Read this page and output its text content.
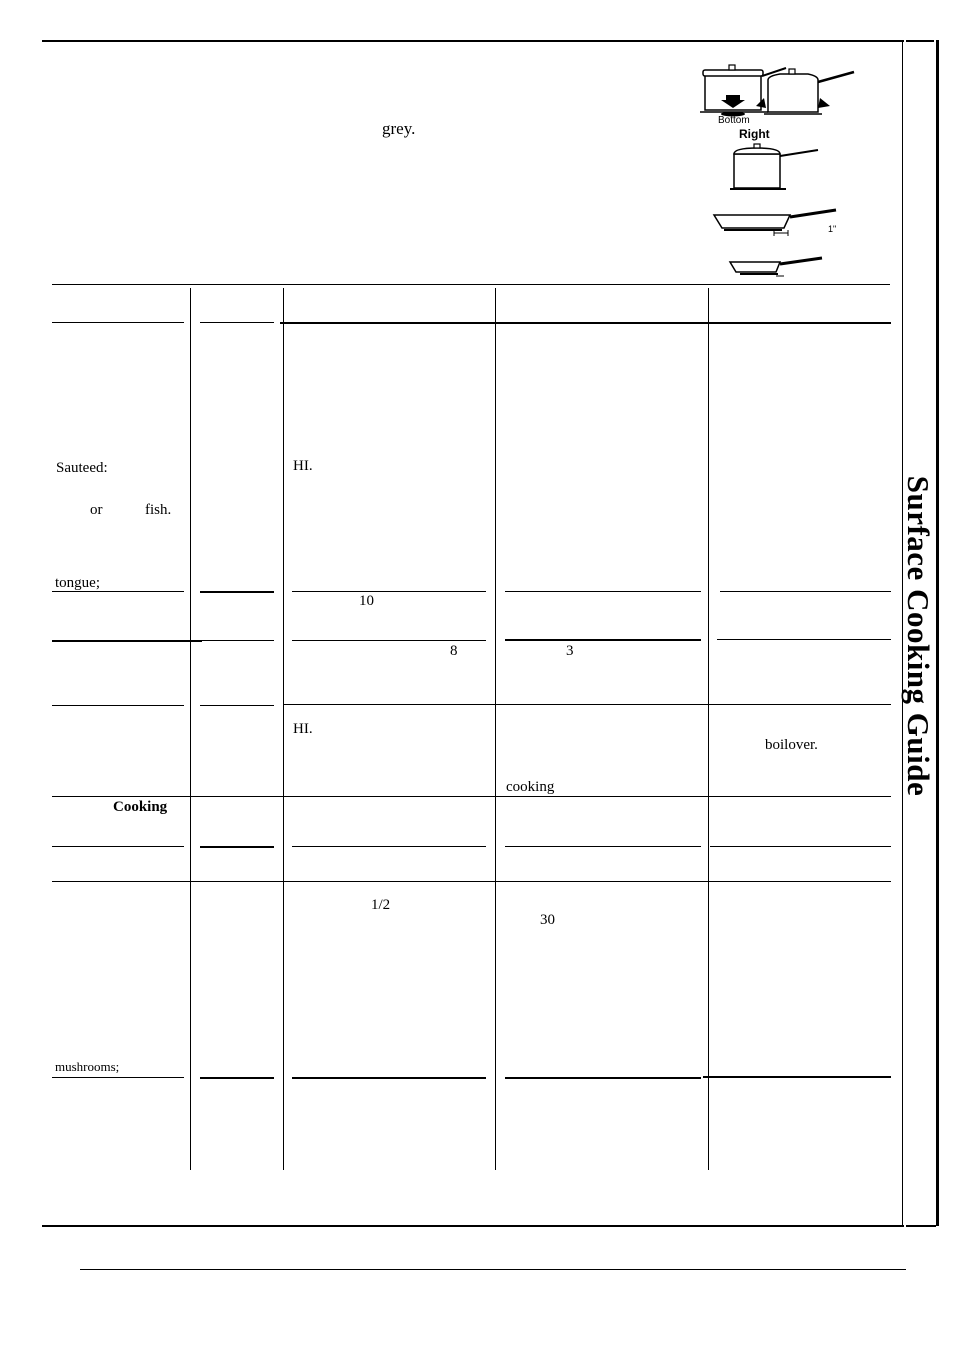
Surface Cooking Guide
grey.	Bottom
Right
1"
Sauteed:
or	fish.
tongue;
Cooking
mushrooms;
HI.
10
8
HI.
1/2
3
cooking
30
boilover.
